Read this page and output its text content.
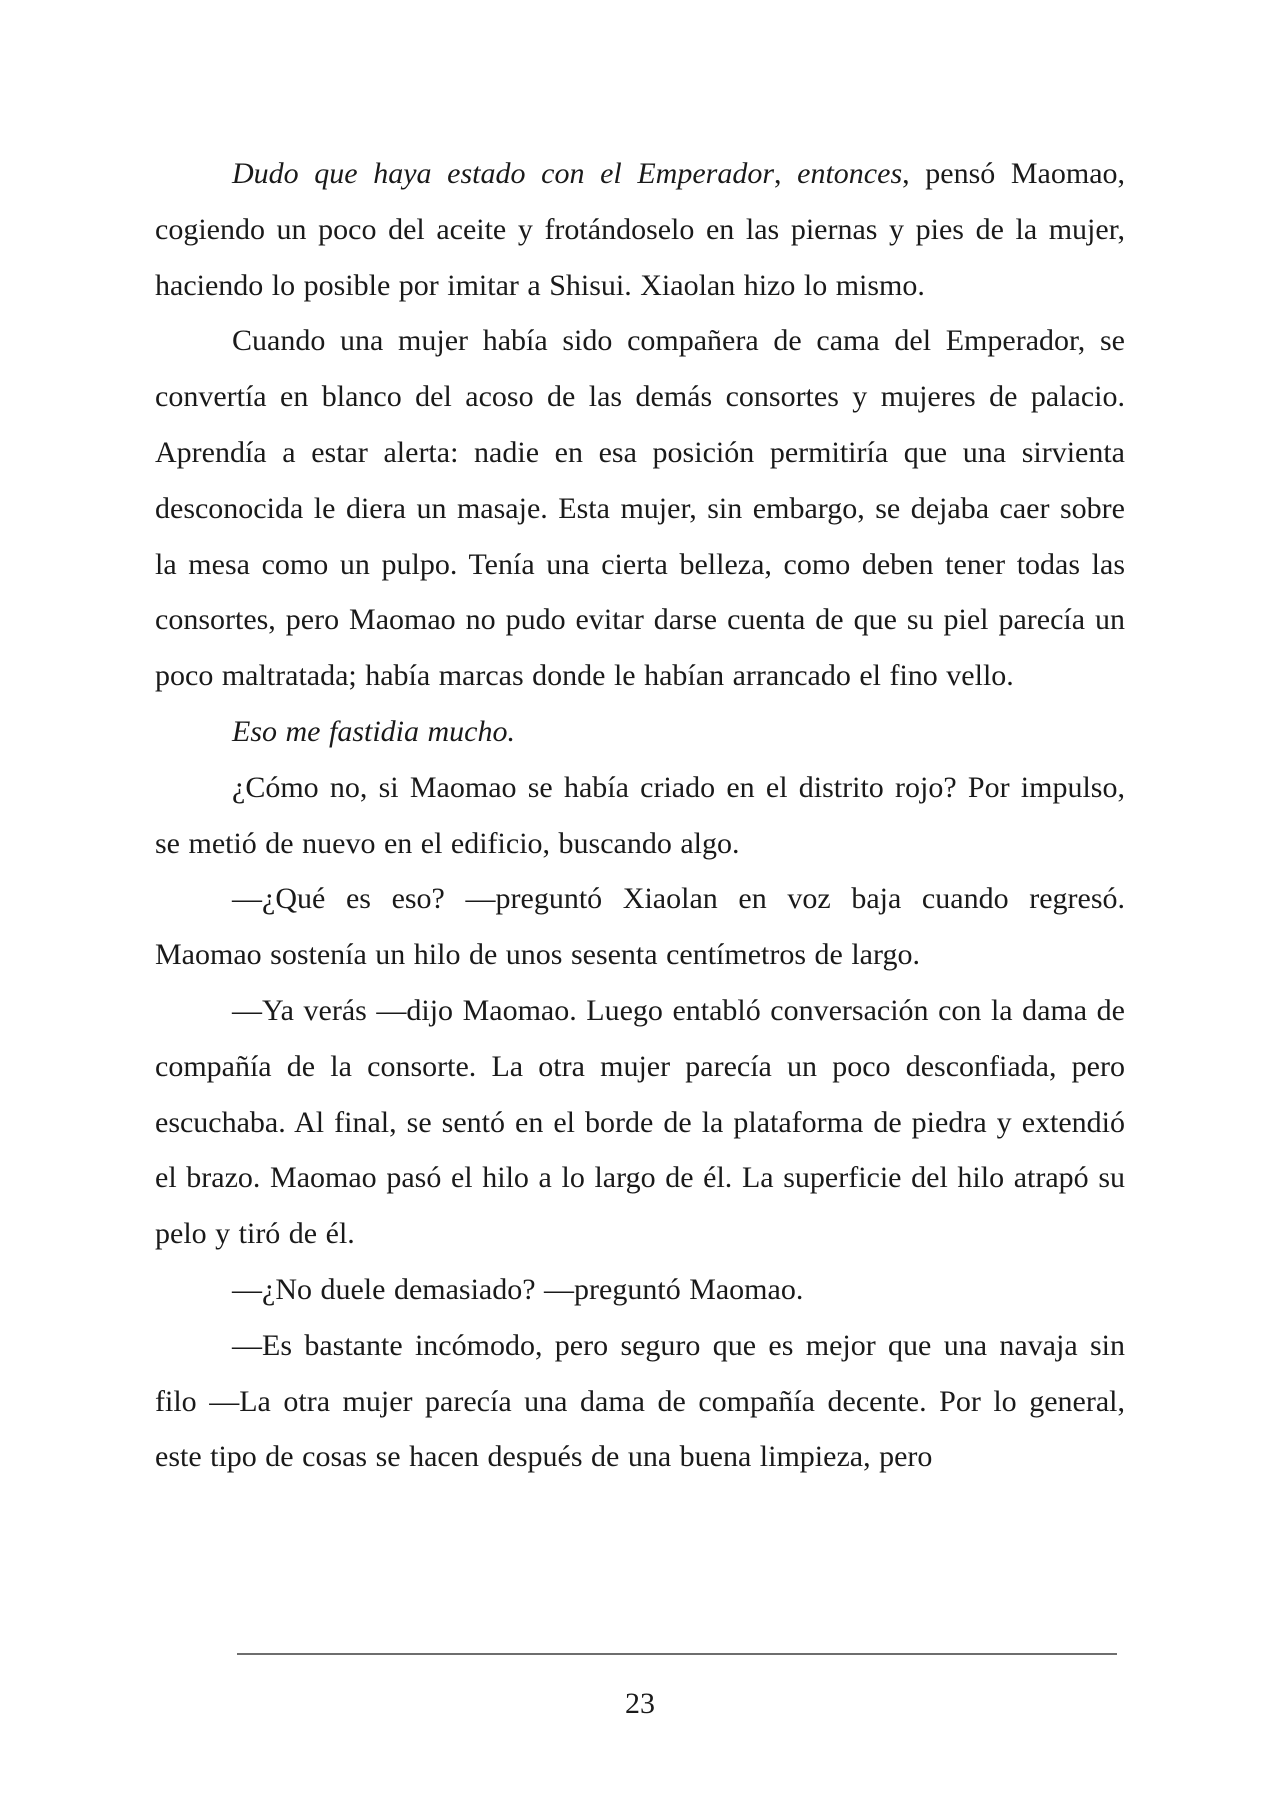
Dudo que haya estado con el Emperador, entonces, pensó Maomao, cogiendo un poco del aceite y frotándoselo en las piernas y pies de la mujer, haciendo lo posible por imitar a Shisui. Xiaolan hizo lo mismo.

Cuando una mujer había sido compañera de cama del Emperador, se convertía en blanco del acoso de las demás consortes y mujeres de palacio. Aprendía a estar alerta: nadie en esa posición permitiría que una sirvienta desconocida le diera un masaje. Esta mujer, sin embargo, se dejaba caer sobre la mesa como un pulpo. Tenía una cierta belleza, como deben tener todas las consortes, pero Maomao no pudo evitar darse cuenta de que su piel parecía un poco maltratada; había marcas donde le habían arrancado el fino vello.

Eso me fastidia mucho.

¿Cómo no, si Maomao se había criado en el distrito rojo? Por impulso, se metió de nuevo en el edificio, buscando algo.

—¿Qué es eso? —preguntó Xiaolan en voz baja cuando regresó. Maomao sostenía un hilo de unos sesenta centímetros de largo.

—Ya verás —dijo Maomao. Luego entabló conversación con la dama de compañía de la consorte. La otra mujer parecía un poco desconfiada, pero escuchaba. Al final, se sentó en el borde de la plataforma de piedra y extendió el brazo. Maomao pasó el hilo a lo largo de él. La superficie del hilo atrapó su pelo y tiró de él.

—¿No duele demasiado? —preguntó Maomao.

—Es bastante incómodo, pero seguro que es mejor que una navaja sin filo —La otra mujer parecía una dama de compañía decente. Por lo general, este tipo de cosas se hacen después de una buena limpieza, pero

23
